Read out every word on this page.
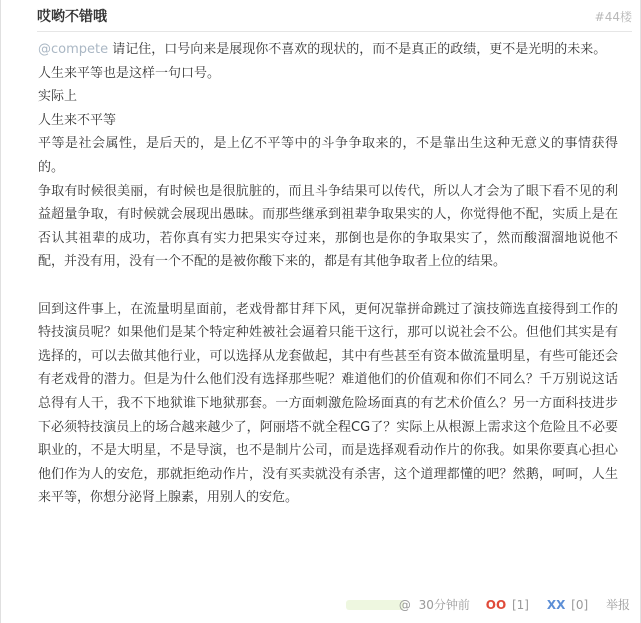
哎哟不错哦	#44楼

@compete 请记住，口号向来是展现你不喜欢的现状的，而不是真正的政绩，更不是光明的未来。

人生来平等也是这样一句口号。

实际上

人生来不平等

平等是社会属性，是后天的，是上亿不平等中的斗争争取来的，不是靠出生这种无意义的事情获得的。

争取有时候很美丽，有时候也是很肮脏的，而且斗争结果可以传代，所以人才会为了眼下看不见的利益超量争取，有时候就会展现出愚昧。而那些继承到祖辈争取果实的人，你觉得他不配，实质上是在否认其祖辈的成功，若你真有实力把果实夺过来，那倒也是你的争取果实了，然而酸溜溜地说他不配，并没有用，没有一个不配的是被你酸下来的，都是有其他争取者上位的结果。

回到这件事上，在流量明星面前，老戏骨都甘拜下风，更何况靠拼命跳过了演技筛选直接得到工作的特技演员呢？如果他们是某个特定种姓被社会逼着只能干这行，那可以说社会不公。但他们其实是有选择的，可以去做其他行业，可以选择从龙套做起，其中有些甚至有资本做流量明星，有些可能还会有老戏骨的潜力。但是为什么他们没有选择那些呢？难道他们的价值观和你们不同么？千万别说这话总得有人干，我不下地狱谁下地狱那套。一方面刺激危险场面真的有艺术价值么？另一方面科技进步下必须特技演员上的场合越来越少了，阿丽塔不就全程CG了？实际上从根源上需求这个危险且不必要职业的，不是大明星，不是导演，也不是制片公司，而是选择观看动作片的你我。如果你要真心担心他们作为人的安危，那就拒绝动作片，没有买卖就没有杀害，这个道理都懂的吧？然鹅，呵呵，人生来平等，你想分泌肾上腺素，用别人的安危。

@ 30分钟前 OO [1] XX [0] 举报
